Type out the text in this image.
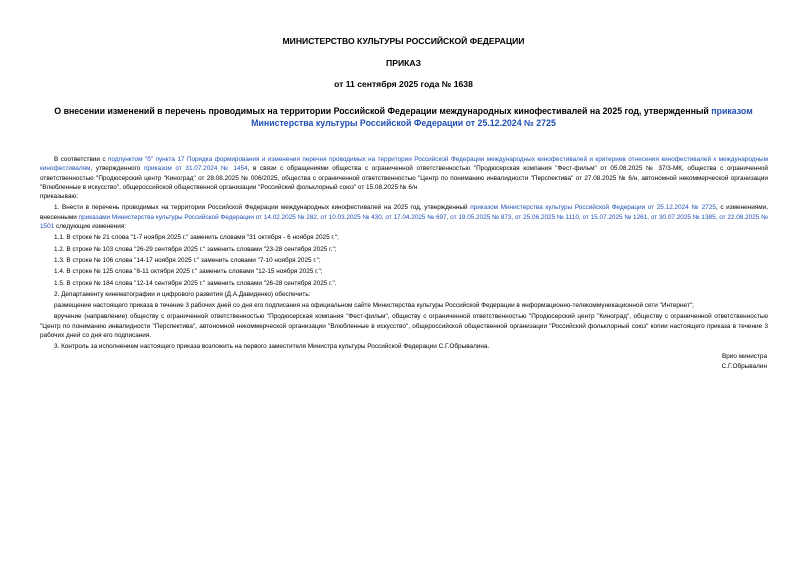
МИНИСТЕРСТВО КУЛЬТУРЫ РОССИЙСКОЙ ФЕДЕРАЦИИ
ПРИКАЗ
от 11 сентября 2025 года № 1638
О внесении изменений в перечень проводимых на территории Российской Федерации международных кинофестивалей на 2025 год, утвержденный приказом Министерства культуры Российской Федерации от 25.12.2024 № 2725

В соответствии с подпунктом "б" пункта 17 Порядка формирования и изменения перечня проводимых на территории Российской Федерации международных кинофестивалей и критериев отнесения кинофестивалей к международным кинофестивалям, утвержденного приказом от 31.07.2024 № 1454, в связи с обращениями общества с ограниченной ответственностью "Продюсерская компания "Фест-фильм" от 05.08.2025 № 37/3-МК, общества с ограниченной ответственностью "Продюсерский центр "Киноград" от 28.08.2025 № 006/2025, общества с ограниченной ответственностью "Центр по пониманию инвалидности "Перспектива" от 27.08.2025 № 6/н, автономной некоммерческой организации "Влюбленные в искусство", общероссийской общественной организации "Российский фольклорный союз" от 15.08.2025 № 6/н

приказываю:

1. Внести в перечень проводимых на территории Российской Федерации международных кинофестивалей на 2025 год, утвержденный приказом Министерства культуры Российской Федерации от 25.12.2024 № 2725, с изменениями, внесенными приказами Министерства культуры Российской Федерации от 14.02.2025 № 282, от 10.03.2025 № 430, от 17.04.2025 № 697, от 19.05.2025 № 873, от 25.06.2025 № 1110, от 15.07.2025 № 1261, от 30.07.2025 № 1385, от 22.08.2025 № 1501 следующие изменения:

1.1. В строке № 21 слова "1-7 ноября 2025 г." заменить словами "31 октября - 6 ноября 2025 г.";

1.2. В строке № 103 слова "26-29 сентября 2025 г." заменить словами "23-28 сентября 2025 г.";

1.3. В строке № 106 слова "14-17 ноября 2025 г." заменить словами "7-10 ноября 2025 г.";

1.4. В строке № 125 слова "8-11 октября 2025 г." заменить словами "12-15 ноября 2025 г.";

1.5. В строке № 184 слова "12-14 сентября 2025 г." заменить словами "26-28 сентября 2025 г.".

2. Департаменту кинематографии и цифрового развития (Д.А.Давиденко) обеспечить:

размещение настоящего приказа в течение 3 рабочих дней со дня его подписания на официальном сайте Министерства культуры Российской Федерации в информационно-телекоммуникационной сети "Интернет";

вручение (направление) обществу с ограниченной ответственностью "Продюсерская компания "Фест-фильм", обществу с ограниченной ответственностью "Продюсерский центр "Киноград", обществу с ограниченной ответственностью "Центр по пониманию инвалидности "Перспектива", автономной некоммерческой организации "Влюбленные в искусство", общероссийской общественной организации "Российский фольклорный союз" копии настоящего приказа в течение 3 рабочих дней со дня его подписания.

3. Контроль за исполнением настоящего приказа возложить на первого заместителя Министра культуры Российской Федерации С.Г.Обрывалина.

Врио министра
С.Г.Обрывалин
